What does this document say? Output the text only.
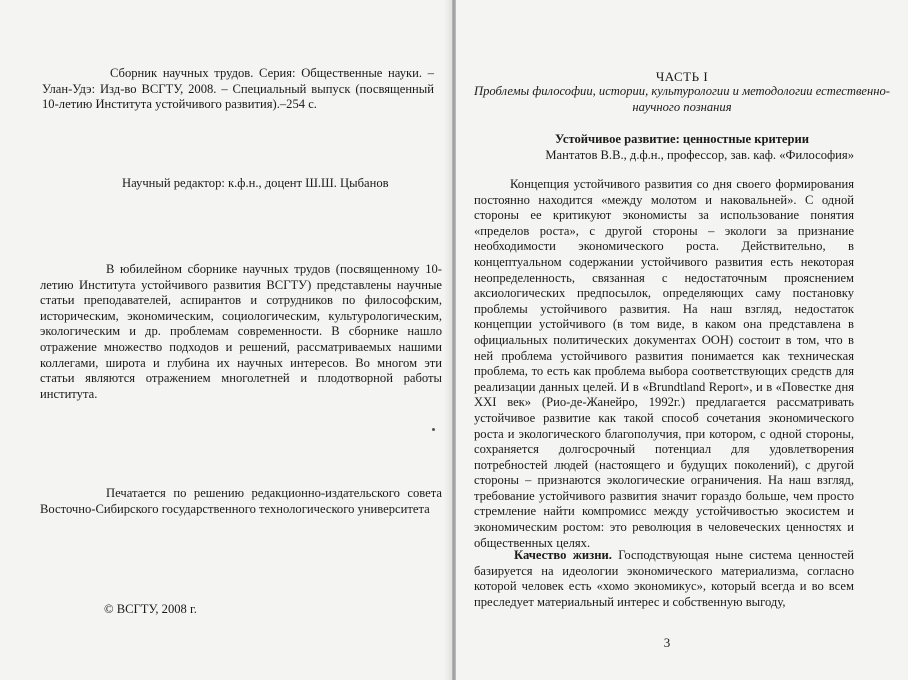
Сборник научных трудов. Серия: Общественные науки. – Улан-Удэ: Изд-во ВСГТУ, 2008. – Специальный выпуск (посвященный 10-летию Института устойчивого развития).–254 с.
Научный редактор: к.ф.н., доцент Ш.Ш. Цыбанов
В юбилейном сборнике научных трудов (посвященному 10-летию Института устойчивого развития ВСГТУ) представлены научные статьи преподавателей, аспирантов и сотрудников по философским, историческим, экономическим, социологическим, культурологическим, экологическим и др. проблемам современности. В сборнике нашло отражение множество подходов и решений, рассматриваемых нашими коллегами, широта и глубина их научных интересов. Во многом эти статьи являются отражением многолетней и плодотворной работы института.
Печатается по решению редакционно-издательского совета Восточно-Сибирского государственного технологического университета
© ВСГТУ, 2008 г.
ЧАСТЬ I
Проблемы философии, истории, культурологии и методологии естественно-научного познания
Устойчивое развитие: ценностные критерии
Мантатов В.В., д.ф.н., профессор, зав. каф. «Философия»
Концепция устойчивого развития со дня своего формирования постоянно находится «между молотом и наковальней». С одной стороны ее критикуют экономисты за использование понятия «пределов роста», с другой стороны – экологи за признание необходимости экономического роста. Действительно, в концептуальном содержании устойчивого развития есть некоторая неопределенность, связанная с недостаточным прояснением аксиологических предпосылок, определяющих саму постановку проблемы устойчивого развития. На наш взгляд, недостаток концепции устойчивого (в том виде, в каком она представлена в официальных политических документах ООН) состоит в том, что в ней проблема устойчивого развития понимается как техническая проблема, то есть как проблема выбора соответствующих средств для реализации данных целей. И в «Brundtland Report», и в «Повестке дня XXI век» (Рио-де-Жанейро, 1992г.) предлагается рассматривать устойчивое развитие как такой способ сочетания экономического роста и экологического благополучия, при котором, с одной стороны, сохраняется долгосрочный потенциал для удовлетворения потребностей людей (настоящего и будущих поколений), с другой стороны – признаются экологические ограничения. На наш взгляд, требование устойчивого развития значит гораздо больше, чем просто стремление найти компромисс между устойчивостью экосистем и экономическим ростом: это революция в человеческих ценностях и общественных целях.
Качество жизни. Господствующая ныне система ценностей базируется на идеологии экономического материализма, согласно которой человек есть «хомо экономикус», который всегда и во всем преследует материальный интерес и собственную выгоду,
3
